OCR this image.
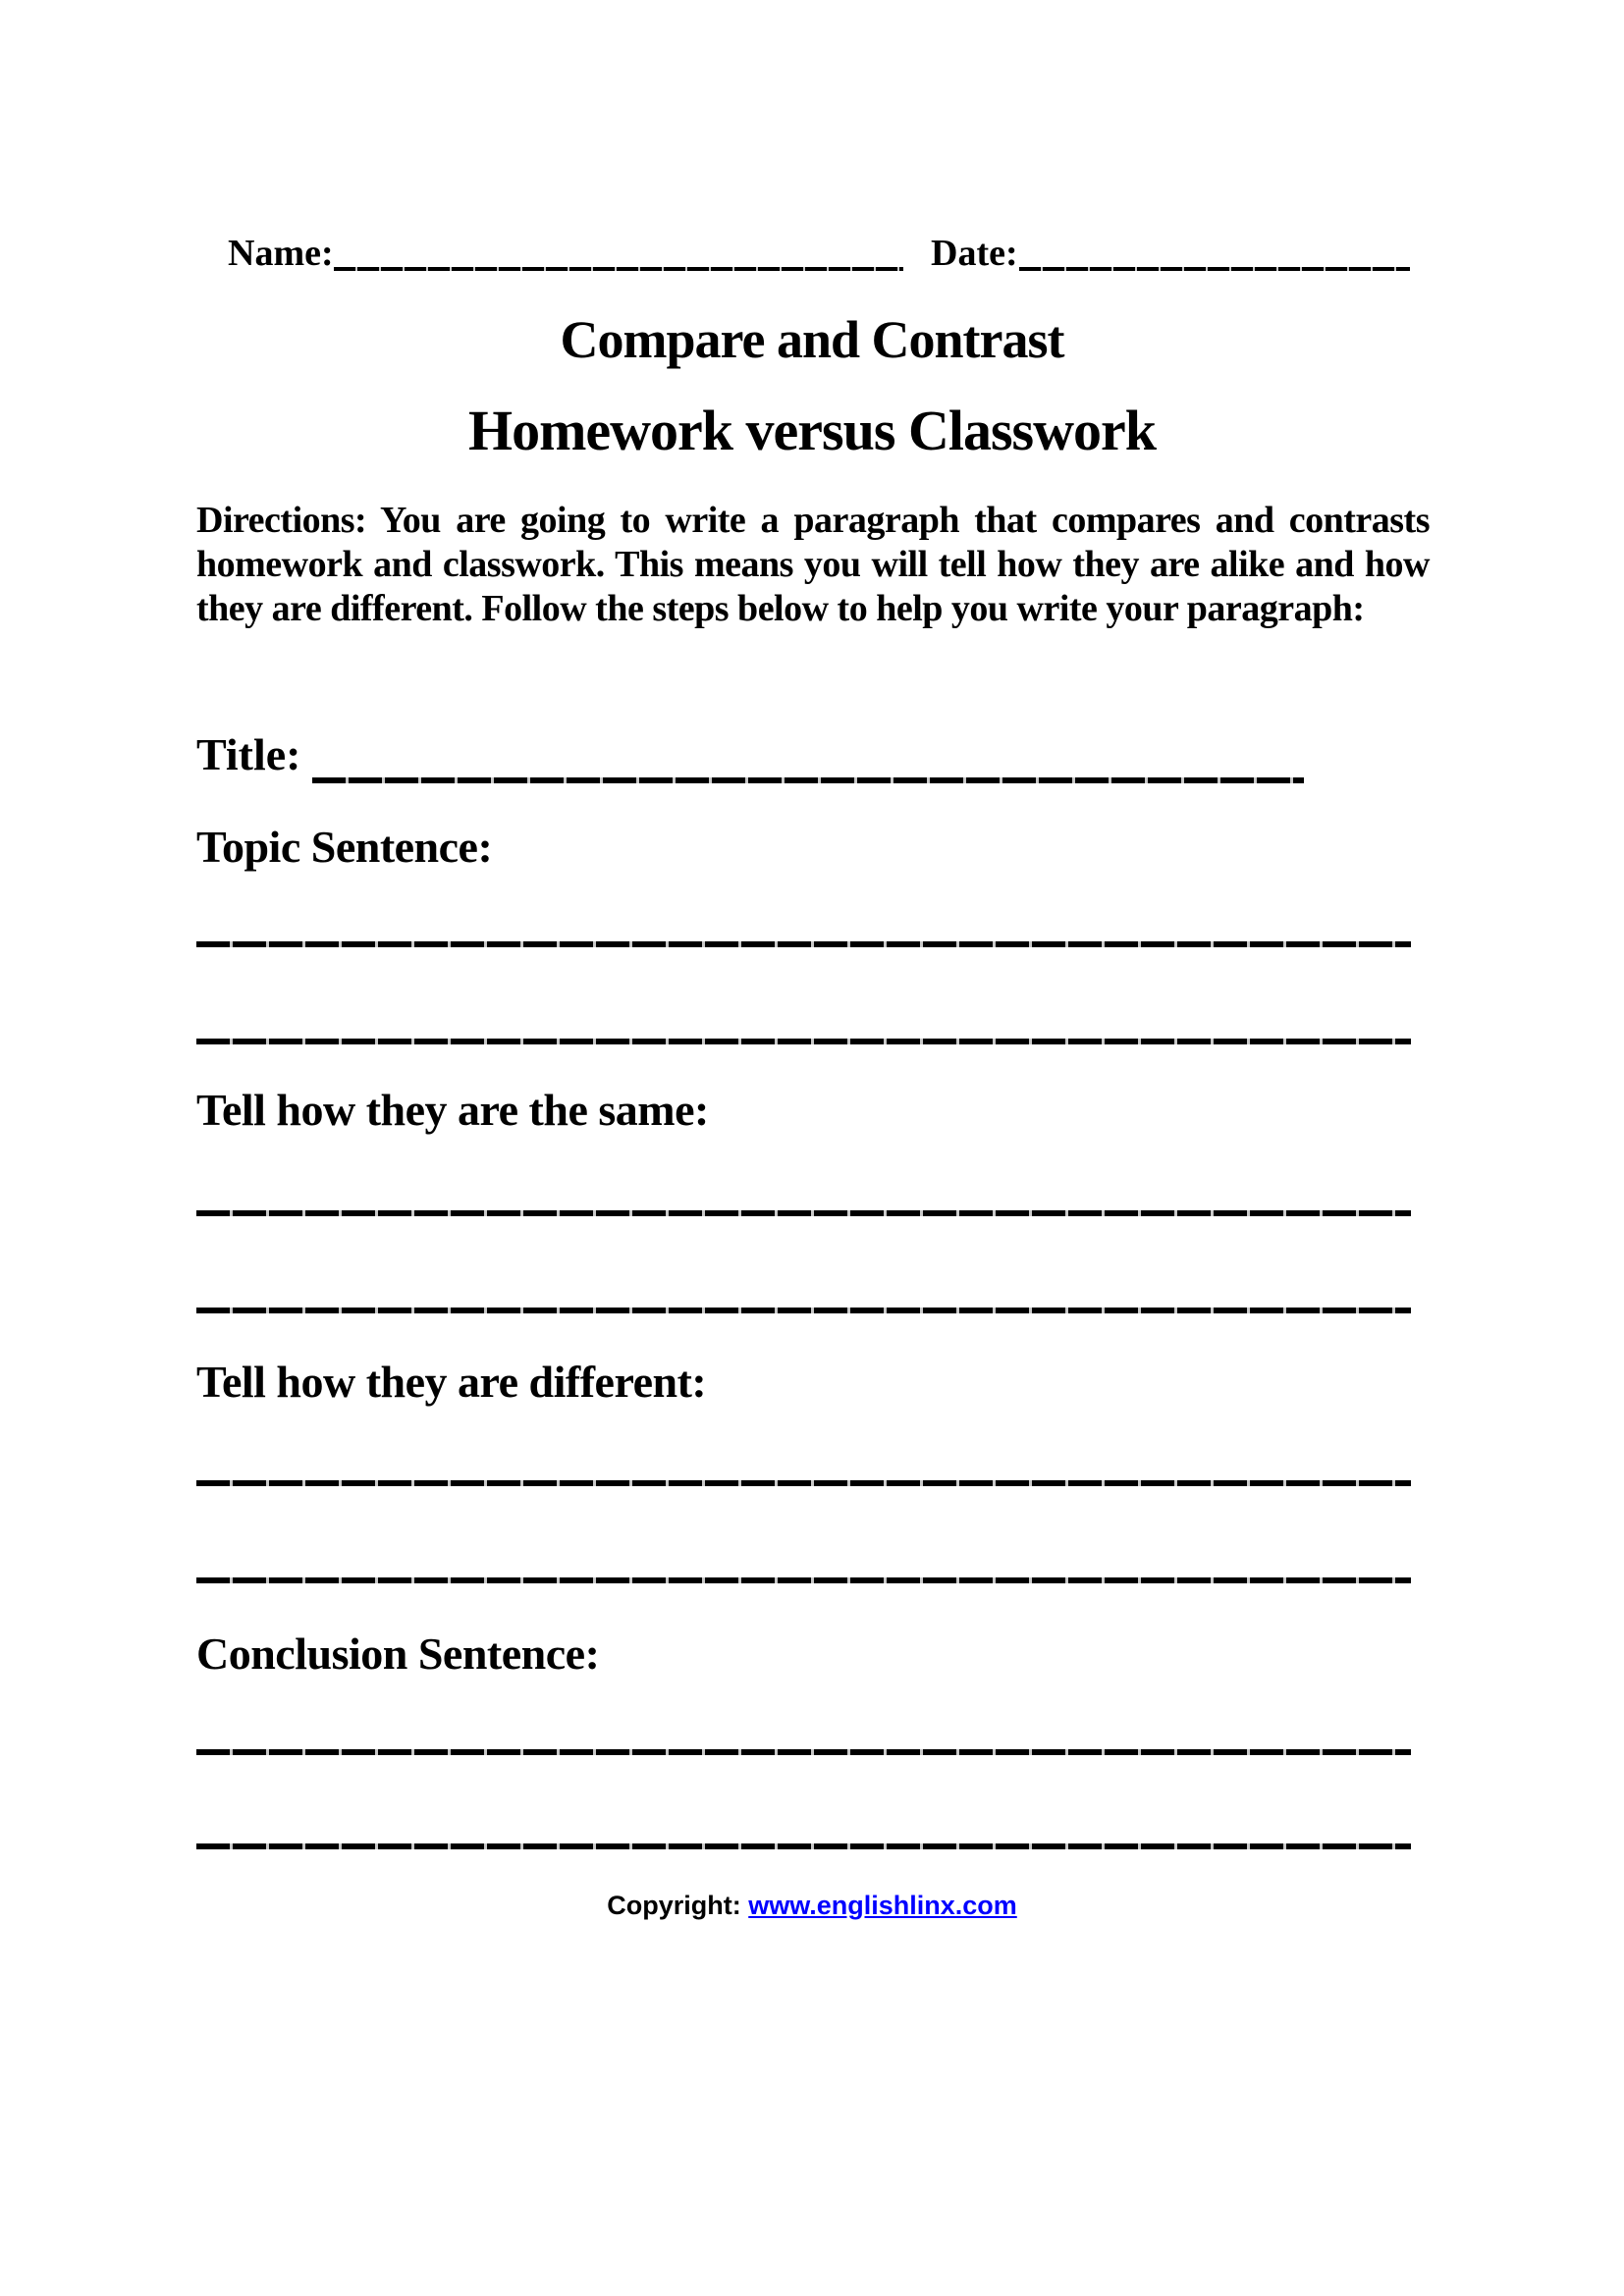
Name:	Date:
Compare and Contrast
Homework versus Classwork
Directions: You are going to write a paragraph that compares and contrasts homework and classwork. This means you will tell how they are alike and how they are different. Follow the steps below to help you write your paragraph:
Title:
Topic Sentence:
Tell how they are the same:
Tell how they are different:
Conclusion Sentence:
Copyright: www.englishlinx.com
